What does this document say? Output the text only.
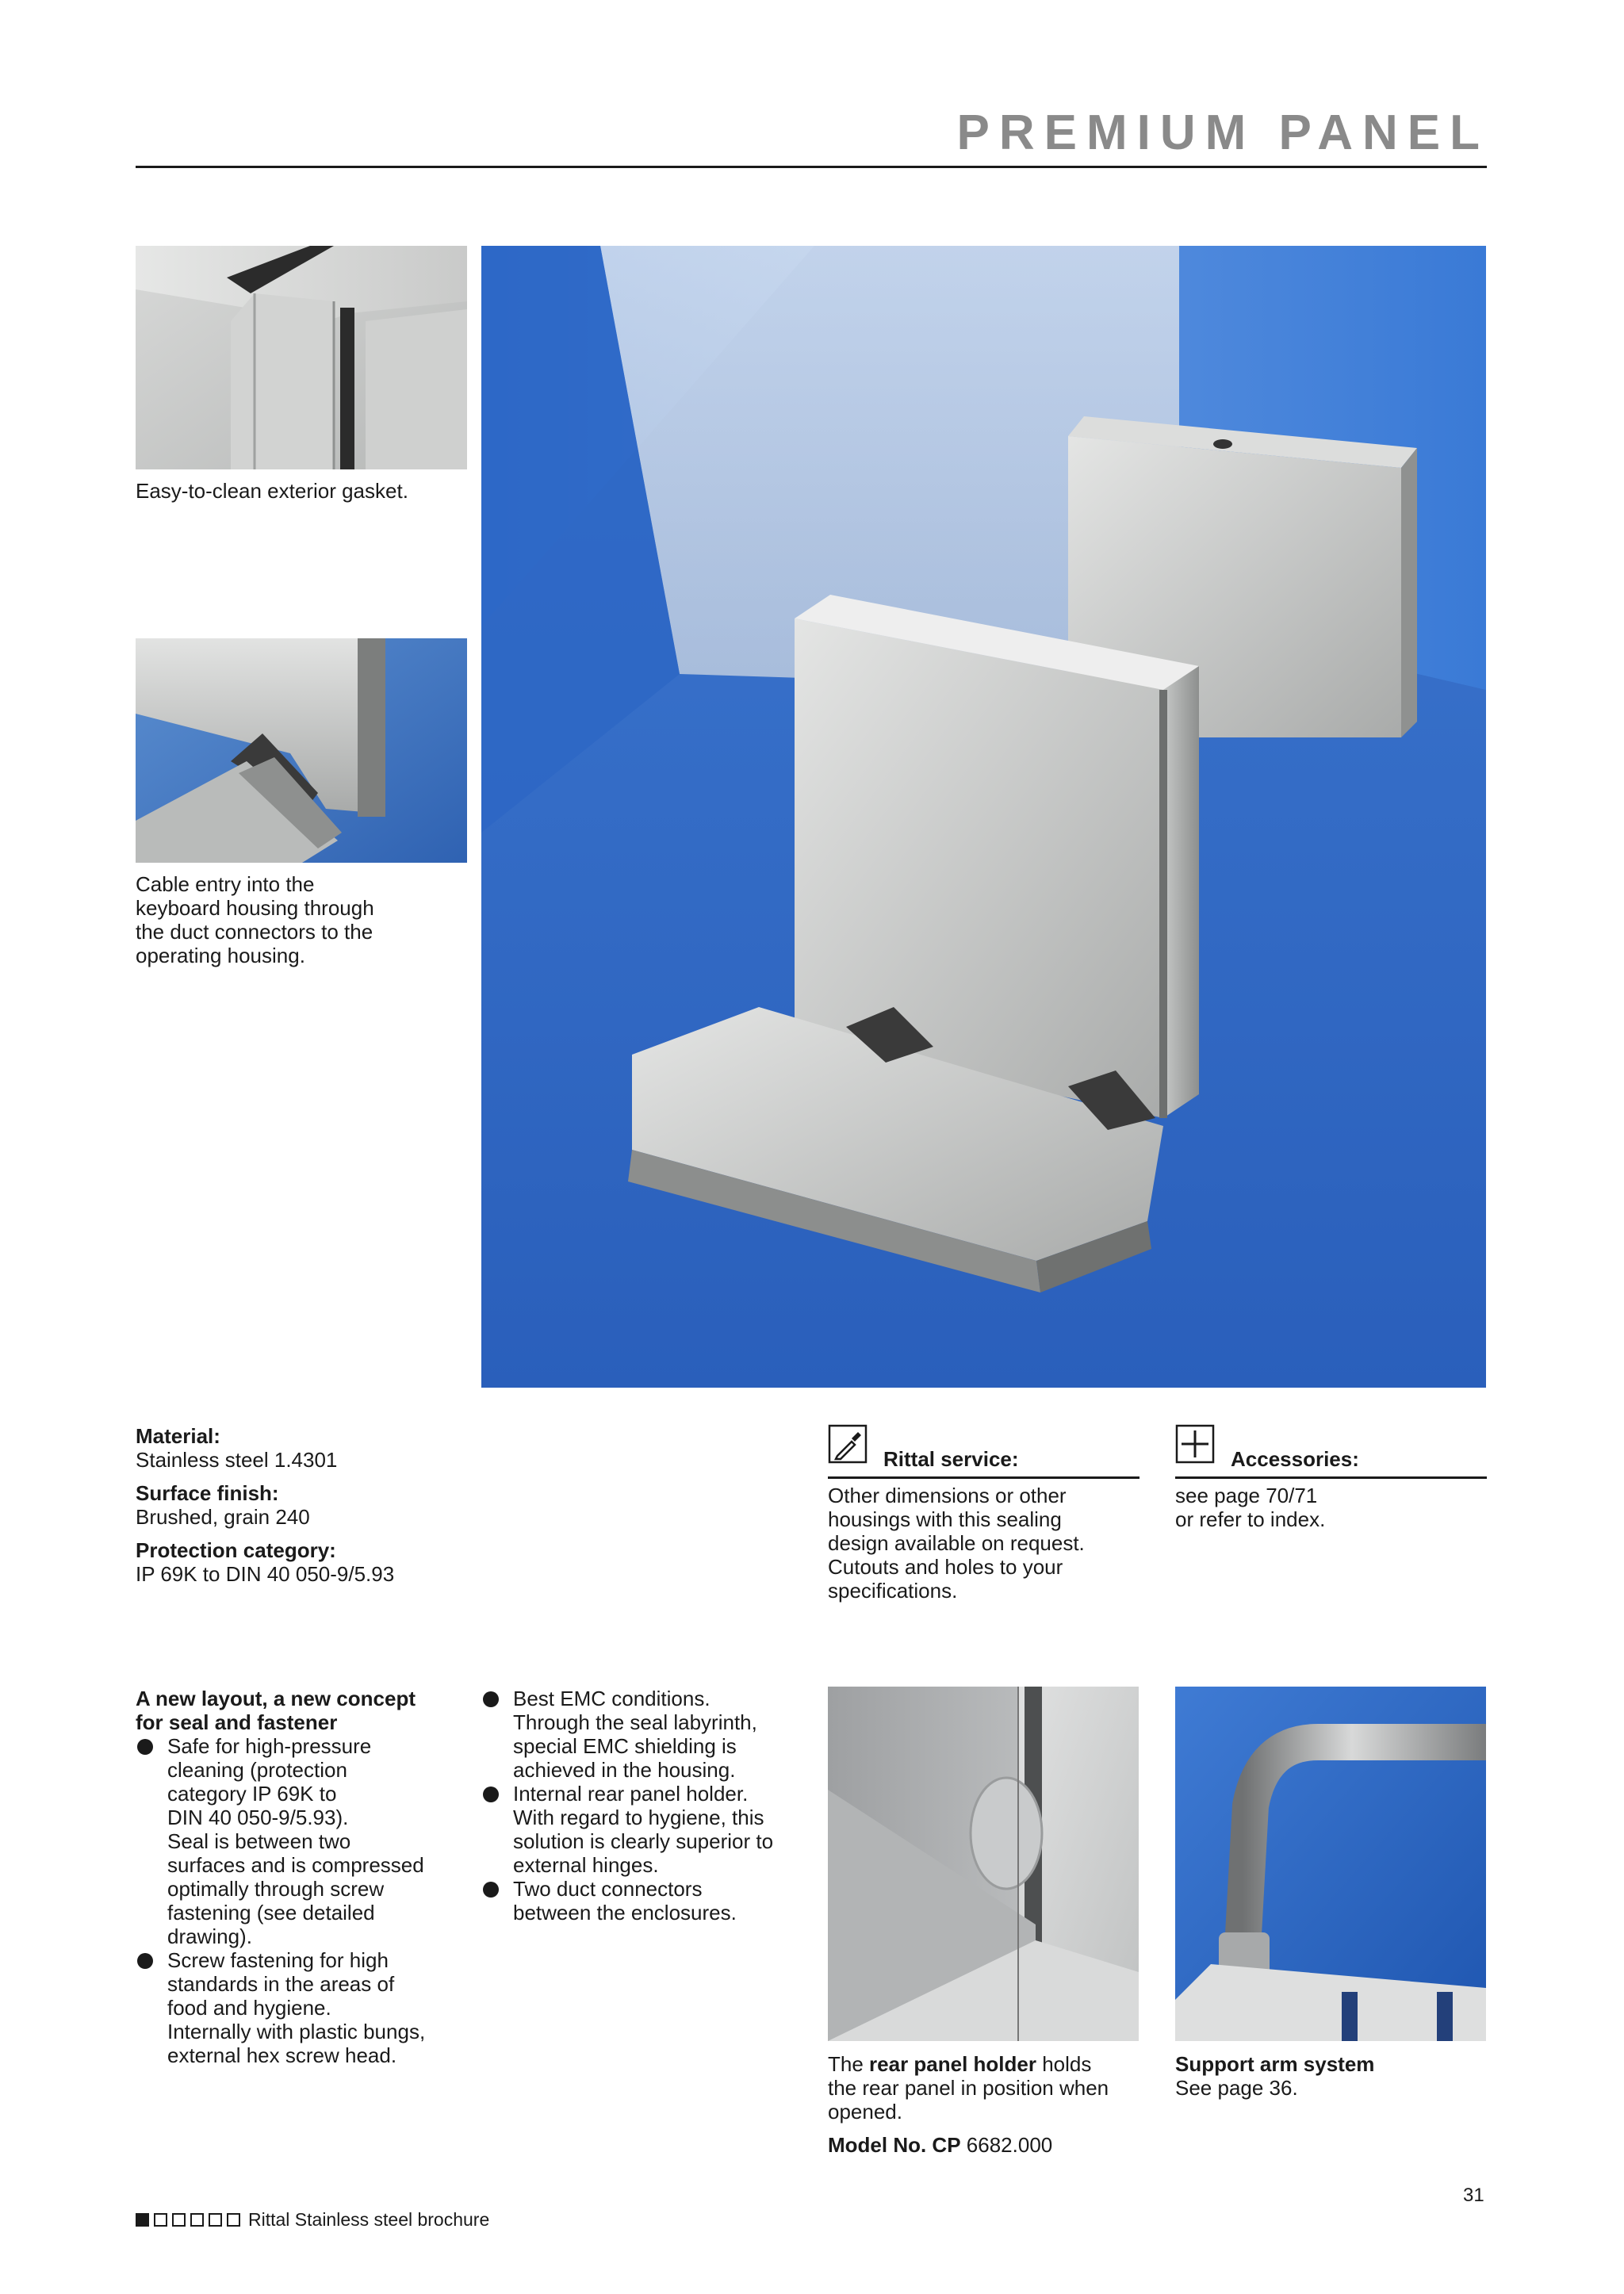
PREMIUM PANEL
Easy-to-clean exterior gasket.

Cable entry into the

keyboard housing through

the duct connectors to the

operating housing.

Material:
Stainless steel 1.4301
Surface finish:
Brushed, grain 240
Protection category:
IP 69K to DIN 40 050-9/5.93
Rittal service:
Other dimensions or other
housings with this sealing
design available on request.
Cutouts and holes to your
specifications.
Accessories:
see page 70/71
or refer to index.
A new layout, a new concept
for seal and fastener
Safe for high-pressure
cleaning (protection
category IP 69K to
DIN 40 050-9/5.93).
Seal is between two
surfaces and is compressed
optimally through screw
fastening (see detailed
drawing).
Screw fastening for high
standards in the areas of
food and hygiene.
Internally with plastic bungs,
external hex screw head.
Best EMC conditions.
Through the seal labyrinth,
special EMC shielding is
achieved in the housing.
Internal rear panel holder.
With regard to hygiene, this
solution is clearly superior to
external hinges.
Two duct connectors
between the enclosures.

The rear panel holder holds

the rear panel in position when

opened.

Model No. CP 6682.000

Support arm system

See page 36.

31
Rittal Stainless steel brochure
